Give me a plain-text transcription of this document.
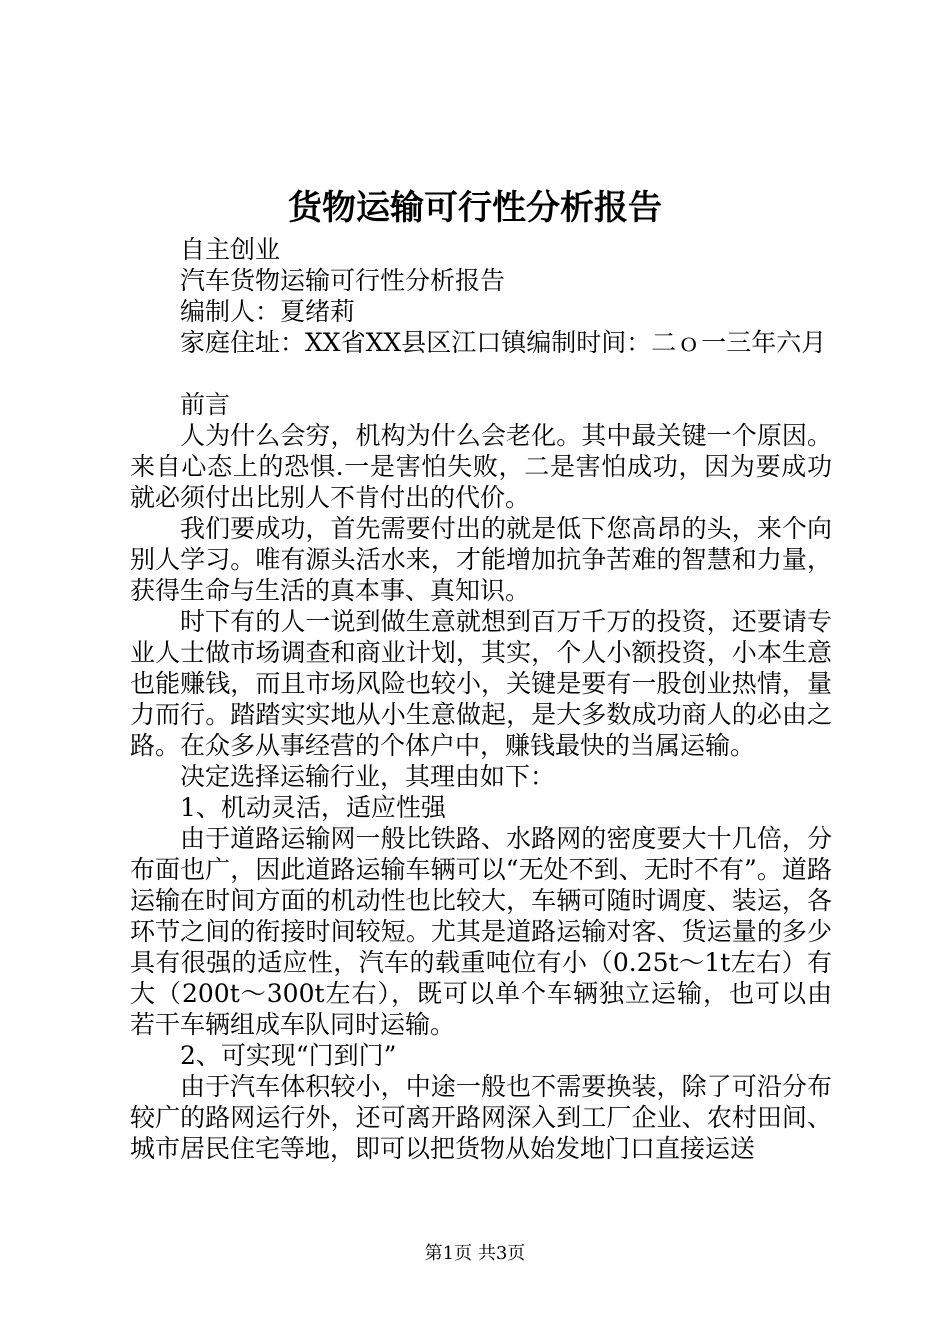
货物运输可行性分析报告

自主创业

汽车货物运输可行性分析报告

编制人：夏绪莉

家庭住址：XX省XX县区江口镇编制时间：二ｏ一三年六月

前言

人为什么会穷，机构为什么会老化。其中最关键一个原因。来自心态上的恐惧.一是害怕失败，二是害怕成功，因为要成功就必须付出比别人不肯付出的代价。

我们要成功，首先需要付出的就是低下您高昂的头，来个向别人学习。唯有源头活水来，才能增加抗争苦难的智慧和力量，获得生命与生活的真本事、真知识。

时下有的人一说到做生意就想到百万千万的投资，还要请专业人士做市场调查和商业计划，其实，个人小额投资，小本生意也能赚钱，而且市场风险也较小，关键是要有一股创业热情，量力而行。踏踏实实地从小生意做起，是大多数成功商人的必由之路。在众多从事经营的个体户中，赚钱最快的当属运输。

决定选择运输行业，其理由如下：

1、机动灵活，适应性强

由于道路运输网一般比铁路、水路网的密度要大十几倍，分布面也广，因此道路运输车辆可以“无处不到、无时不有”。道路运输在时间方面的机动性也比较大，车辆可随时调度、装运，各环节之间的衔接时间较短。尤其是道路运输对客、货运量的多少具有很强的适应性，汽车的载重吨位有小（0.25t～1t左右）有大（200t～300t左右），既可以单个车辆独立运输，也可以由若干车辆组成车队同时运输。

2、可实现“门到门”

由于汽车体积较小，中途一般也不需要换装，除了可沿分布较广的路网运行外，还可离开路网深入到工厂企业、农村田间、城市居民住宅等地，即可以把货物从始发地门口直接运送

第1页 共3页
